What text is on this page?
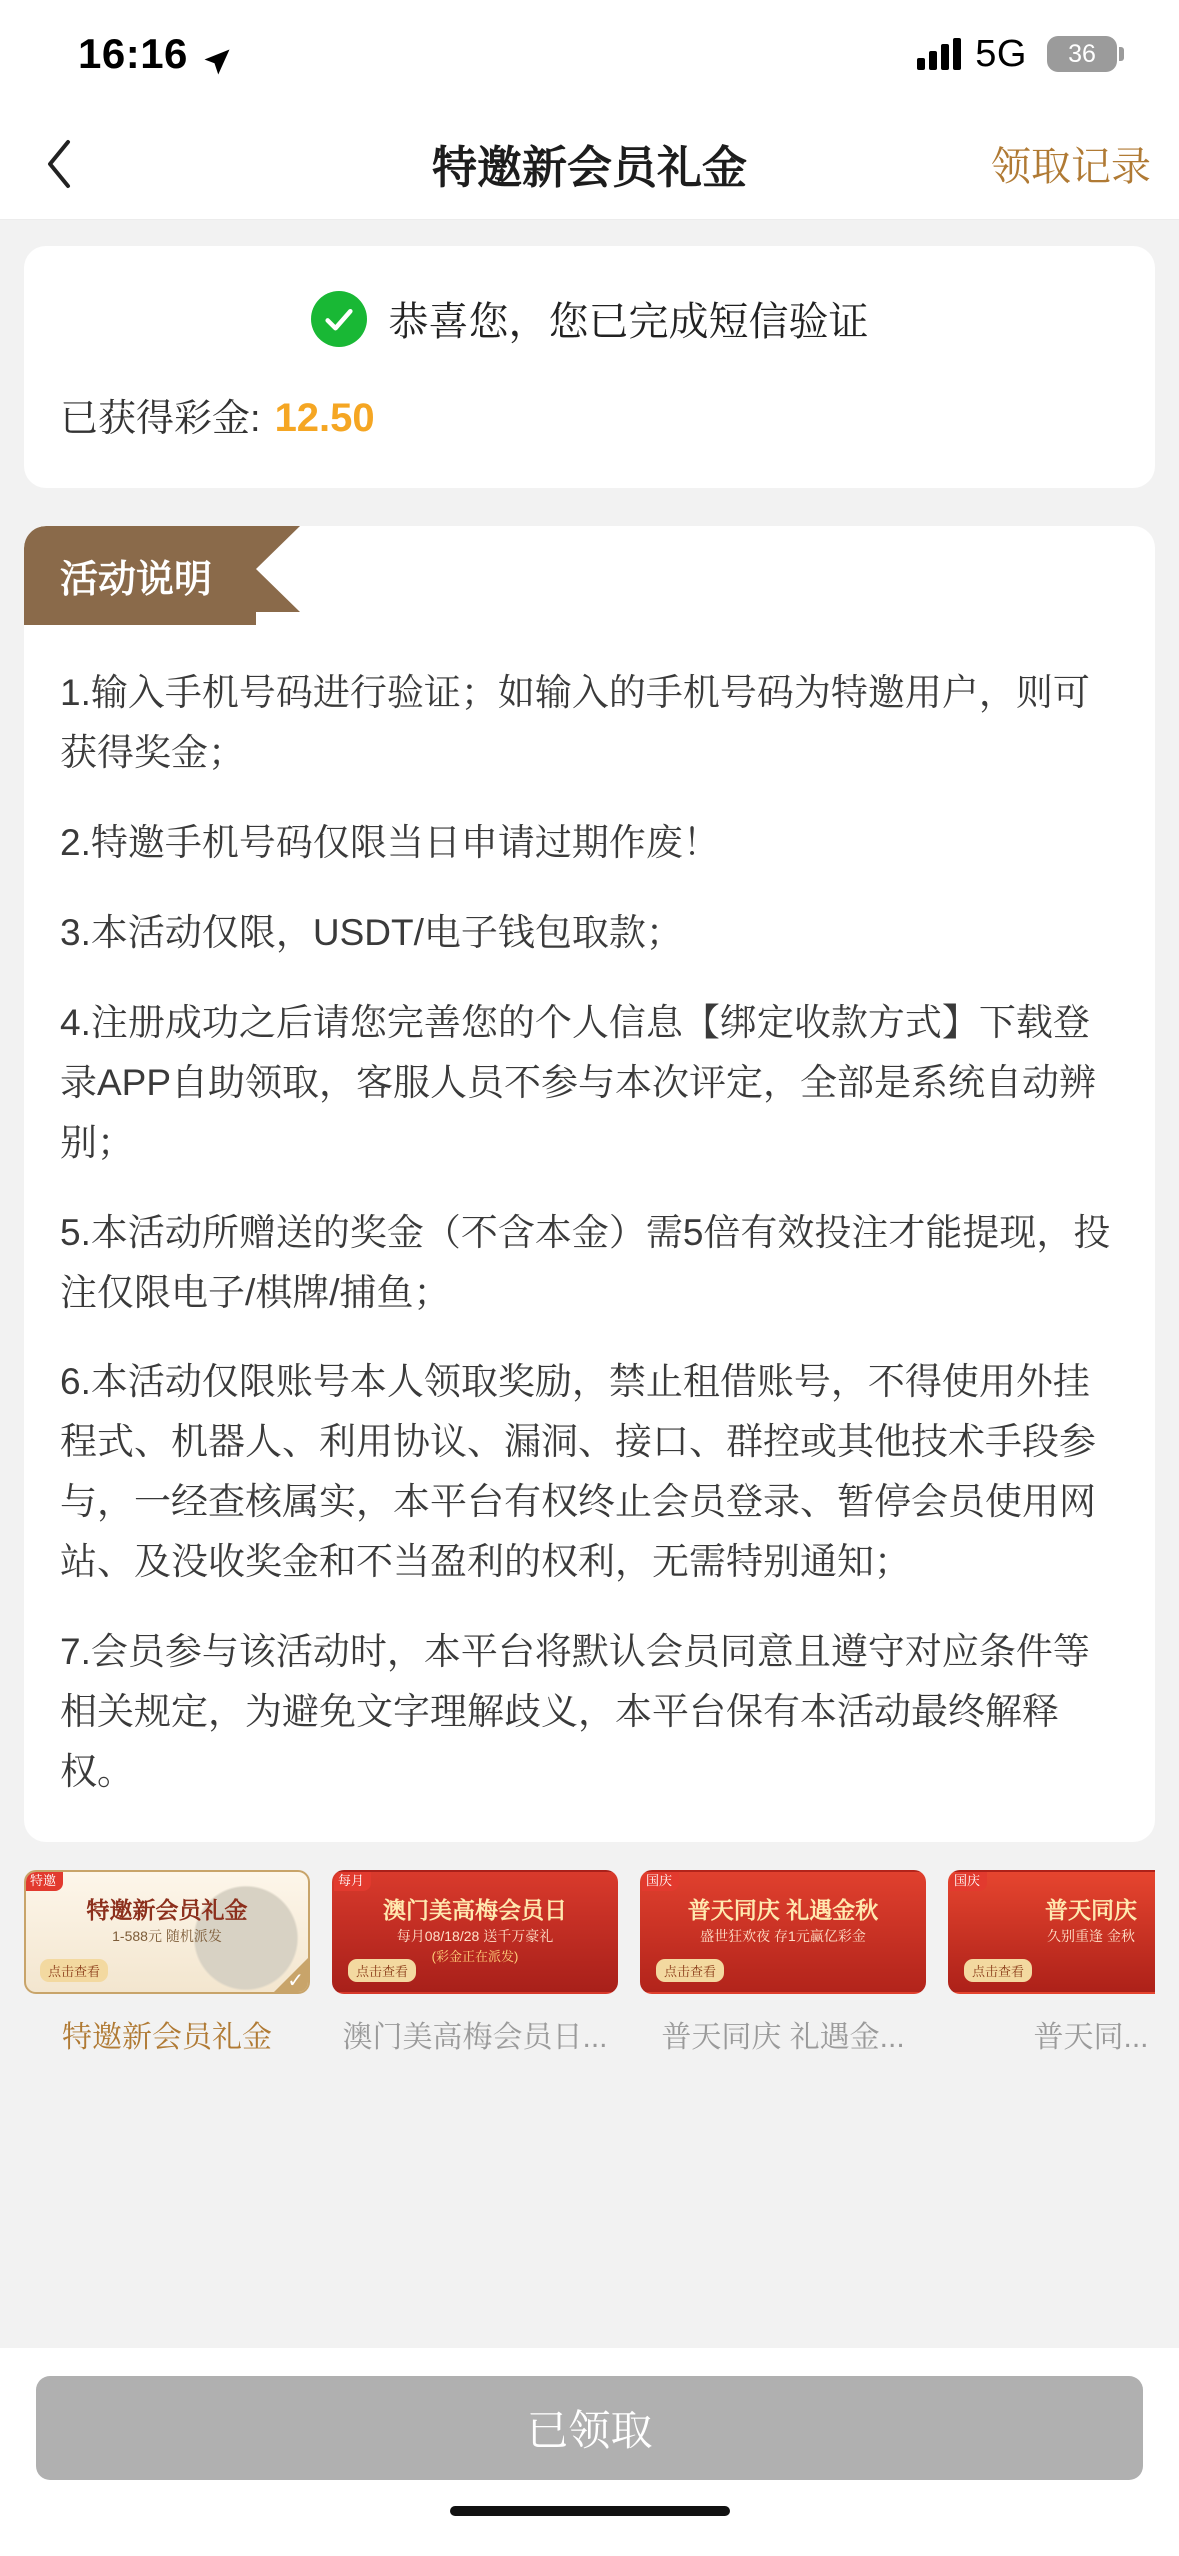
16:16	5G 36
特邀新会员礼金	领取记录
恭喜您，您已完成短信验证
已获得彩金: 12.50
活动说明

1.输入手机号码进行验证；如输入的手机号码为特邀用户，则可获得奖金；

2.特邀手机号码仅限当日申请过期作废！

3.本活动仅限，USDT/电子钱包取款；

4.注册成功之后请您完善您的个人信息【绑定收款方式】下载登录APP自助领取，客服人员不参与本次评定，全部是系统自动辨别；

5.本活动所赠送的奖金（不含本金）需5倍有效投注才能提现，投注仅限电子/棋牌/捕鱼；

6.本活动仅限账号本人领取奖励，禁止租借账号，不得使用外挂程式、机器人、利用协议、漏洞、接口、群控或其他技术手段参与，一经查核属实，本平台有权终止会员登录、暂停会员使用网站、及没收奖金和不当盈利的权利，无需特别通知；

7.会员参与该活动时，本平台将默认会员同意且遵守对应条件等相关规定，为避免文字理解歧义，本平台保有本活动最终解释权。

特邀
特邀新会员礼金
1-588元 随机派发
点击查看	✓
特邀新会员礼金
每月
澳门美高梅会员日
每月08/18/28 送千万豪礼
(彩金正在派发)
点击查看
澳门美高梅会员日...
国庆
普天同庆 礼遇金秋
盛世狂欢夜 存1元赢亿彩金
点击查看
普天同庆 礼遇金...
国庆
普天同庆
久别重逢 金秋
点击查看
普天同...
已领取
